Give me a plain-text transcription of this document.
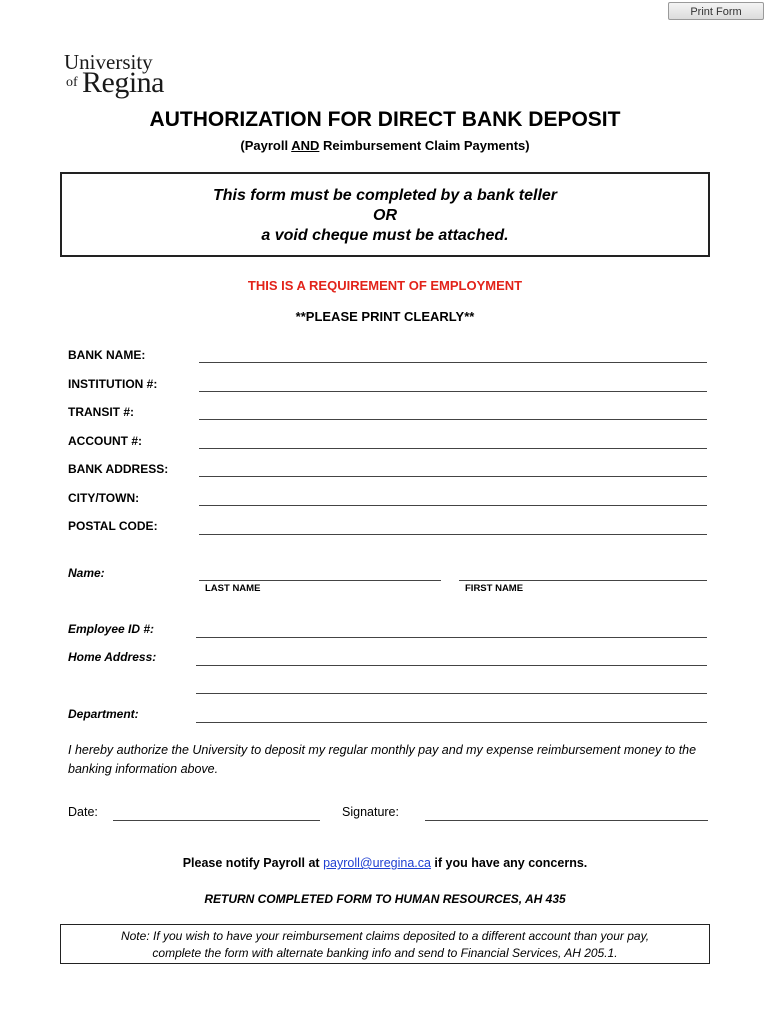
Print Form
University
of Regina
AUTHORIZATION FOR DIRECT BANK DEPOSIT
(Payroll AND Reimbursement Claim Payments)
This form must be completed by a bank teller
OR
a void cheque must be attached.
THIS IS A REQUIREMENT OF EMPLOYMENT
**PLEASE PRINT CLEARLY**
BANK NAME:
INSTITUTION #:
TRANSIT #:
ACCOUNT #:
BANK ADDRESS:
CITY/TOWN:
POSTAL CODE:
Name:
LAST NAME	FIRST NAME
Employee ID #:
Home Address:
Department:
I hereby authorize the University to deposit my regular monthly pay and my expense reimbursement money to the banking information above.
Date:	Signature:
Please notify Payroll at payroll@uregina.ca if you have any concerns.
RETURN COMPLETED FORM TO HUMAN RESOURCES, AH 435
Note: If you wish to have your reimbursement claims deposited to a different account than your pay,
complete the form with alternate banking info and send to Financial Services, AH 205.1.
